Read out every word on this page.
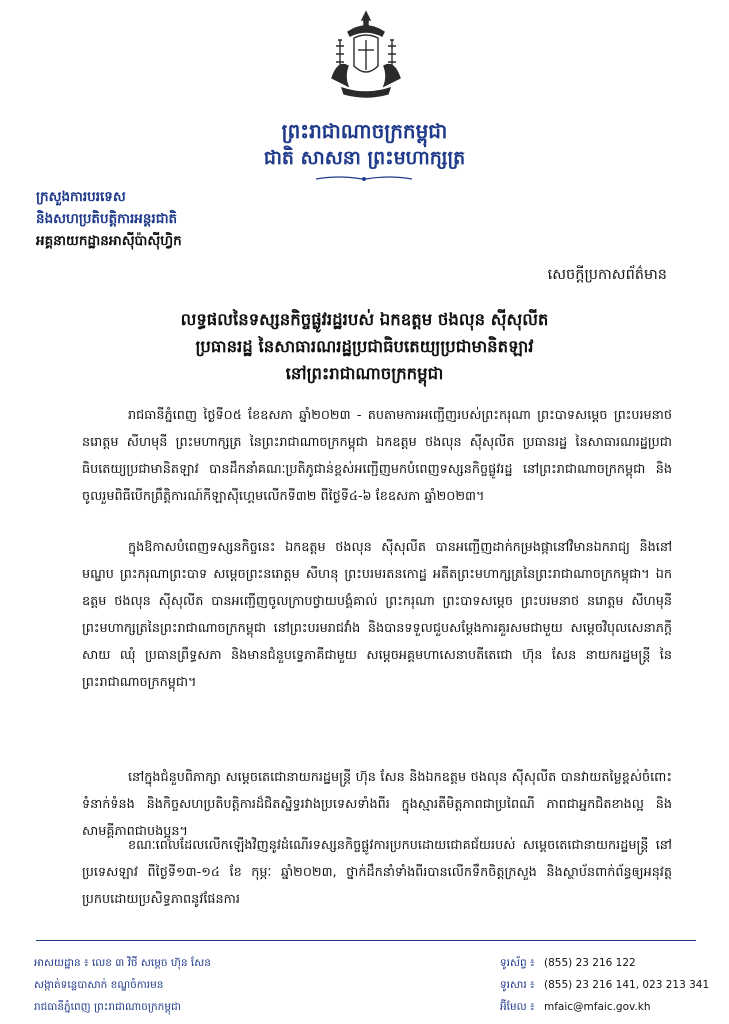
ព្រះរាជាណាចក្រកម្ពុជា
ជាតិ សាសនា ព្រះមហាក្សត្រ
ក្រសួងការបរទេស
និងសហប្រតិបត្តិការអន្តរជាតិ
អគ្គនាយកដ្ឋានអាស៊ីប៉ាស៊ីហ្វិក
សេចក្តីប្រកាសព័ត៌មាន
លទ្ធផលនៃទស្សនកិច្ចផ្លូវរដ្ឋរបស់ ឯកឧត្តម ថងលុន ស៊ីសុលីត
ប្រធានរដ្ឋ នៃសាធារណរដ្ឋប្រជាធិបតេយ្យប្រជាមានិតឡាវ
នៅព្រះរាជាណាចក្រកម្ពុជា
រាជធានីភ្នំពេញ ថ្ងៃទី០៥ ខែឧសភា ឆ្នាំ២០២៣ - តបតាមការអញ្ជើញរបស់ព្រះករុណា ព្រះបាទសម្តេច ព្រះបរមនាថ នរោត្តម សីហមុនី ព្រះមហាក្សត្រ នៃព្រះរាជាណាចក្រកម្ពុជា ឯកឧត្តម ថងលុន ស៊ីសុលីត ប្រធានរដ្ឋ នៃសាធារណរដ្ឋប្រជាធិបតេយ្យប្រជាមានិតឡាវ បានដឹកនាំគណៈប្រតិភូជាន់ខ្ពស់អញ្ជើញមកបំពេញទស្សនកិច្ចផ្លូវរដ្ឋ នៅព្រះរាជាណាចក្រកម្ពុជា និងចូលរួមពិធីបើកព្រឹត្តិការណ៍កីឡាស៊ីហ្គេមលើកទី៣២ ពីថ្ងៃទី៤-៦ ខែឧសភា ឆ្នាំ២០២៣។
ក្នុងឱកាសបំពេញទស្សនកិច្ចនេះ ឯកឧត្តម ថងលុន ស៊ីសុលីត បានអញ្ជើញដាក់កម្រងផ្កានៅវិមានឯករាជ្យ និងនៅមណ្ឌប ព្រះករុណាព្រះបាទ សម្តេចព្រះនរោត្តម សីហនុ ព្រះបរមរតនកោដ្ឋ អតីតព្រះមហាក្សត្រនៃព្រះរាជាណាចក្រកម្ពុជា។ ឯកឧត្តម ថងលុន ស៊ីសុលីត បានអញ្ជើញចូលក្រាបថ្វាយបង្គំគាល់ ព្រះករុណា ព្រះបាទសម្តេច ព្រះបរមនាថ នរោត្តម សីហមុនី ព្រះមហាក្សត្រនៃព្រះរាជាណាចក្រកម្ពុជា នៅព្រះបរមរាជវាំង និងបានទទួលជួបសម្តែងការគួរសមជាមួយ សម្តេចវិបុលសេនាភក្តី សាយ ឈុំ ប្រធានព្រឹទ្ធសភា និងមានជំនួបទ្វេភាគីជាមួយ សម្តេចអគ្គមហាសេនាបតីតេជោ ហ៊ុន សែន នាយករដ្ឋមន្ត្រី នៃព្រះរាជាណាចក្រកម្ពុជា។
នៅក្នុងជំនួបពិភាក្សា សម្តេចតេជោនាយករដ្ឋមន្ត្រី ហ៊ុន សែន និងឯកឧត្តម ថងលុន ស៊ីសុលីត បានវាយតម្លៃខ្ពស់ចំពោះទំនាក់ទំនង និងកិច្ចសហប្រតិបត្តិការដ៏ជិតស្និទ្ធរវាងប្រទេសទាំងពីរ ក្នុងស្មារតីមិត្តភាពជាប្រពៃណី ភាពជាអ្នកជិតខាងល្អ និងសាមគ្គីភាពជាបងប្អូន។
ខណៈពេលដែលលើកឡើងវិញនូវដំណើរទស្សនកិច្ចផ្លូវការប្រកបដោយជោគជ័យរបស់ សម្តេចតេជោនាយករដ្ឋមន្ត្រី នៅប្រទេសឡាវ ពីថ្ងៃទី១៣-១៤ ខែ កុម្ភៈ ឆ្នាំ២០២៣, ថ្នាក់ដឹកនាំទាំងពីរបានលើកទឹកចិត្តក្រសួង និងស្ថាប័នពាក់ព័ន្ធឲ្យអនុវត្តប្រកបដោយប្រសិទ្ធភាពនូវផែនការ
អាសយដ្ឋាន ៖ លេខ ៣ វិថី សម្តេច ហ៊ុន សែន
សង្កាត់ទន្លេបាសាក់ ខណ្ឌចំការមន
រាជធានីភ្នំពេញ ព្រះរាជាណាចក្រកម្ពុជា
ទូរស័ព្ទ ៖ (855) 23 216 122
ទូរសារ ៖ (855) 23 216 141, 023 213 341
អ៊ីមែល ៖ mfaic@mfaic.gov.kh
